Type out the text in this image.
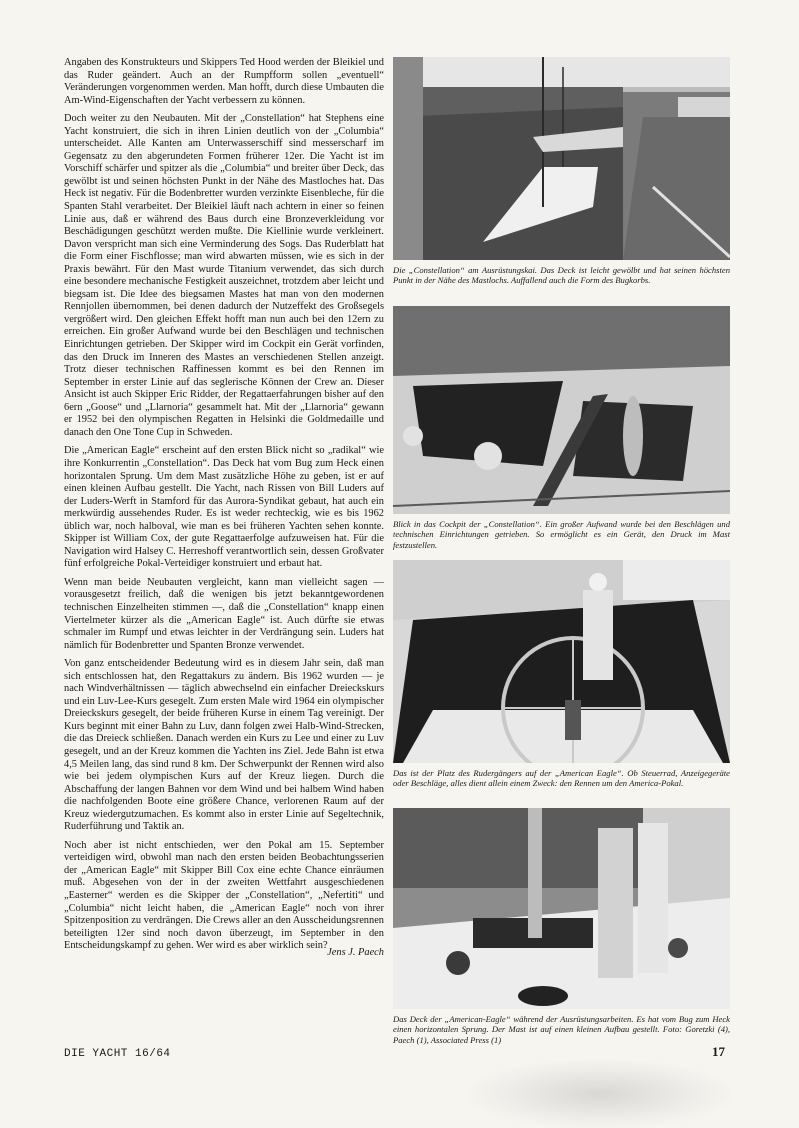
Angaben des Konstrukteurs und Skippers Ted Hood werden der Bleikiel und das Ruder geändert. Auch an der Rumpfform sollen „eventuell“ Veränderungen vorgenommen werden. Man hofft, durch diese Umbauten die Am-Wind-Eigenschaften der Yacht verbessern zu können.

Doch weiter zu den Neubauten. Mit der „Constellation“ hat Stephens eine Yacht konstruiert, die sich in ihren Linien deutlich von der „Columbia“ unterscheidet. Alle Kanten am Unterwasserschiff sind messerscharf im Gegensatz zu den abgerundeten Formen früherer 12er. Die Yacht ist im Vorschiff schärfer und spitzer als die „Columbia“ und breiter über Deck, das gewölbt ist und seinen höchsten Punkt in der Nähe des Mastloches hat. Das Heck ist negativ. Für die Bodenbretter wurden verzinkte Eisenbleche, für die Spanten Stahl verarbeitet. Der Bleikiel läuft nach achtern in einer so feinen Linie aus, daß er während des Baus durch eine Bronzeverkleidung vor Beschädigungen geschützt werden mußte. Die Kiellinie wurde verkleinert. Davon verspricht man sich eine Verminderung des Sogs. Das Ruderblatt hat die Form einer Fischflosse; man wird abwarten müssen, wie es sich in der Praxis bewährt. Für den Mast wurde Titanium verwendet, das sich durch eine besondere mechanische Festigkeit auszeichnet, trotzdem aber leicht und biegsam ist. Die Idee des biegsamen Mastes hat man von den modernen Rennjollen übernommen, bei denen dadurch der Nutzeffekt des Großsegels vergrößert wird. Den gleichen Effekt hofft man nun auch bei den 12ern zu erreichen. Ein großer Aufwand wurde bei den Beschlägen und technischen Einrichtungen getrieben. Der Skipper wird im Cockpit ein Gerät vorfinden, das den Druck im Inneren des Mastes an verschiedenen Stellen anzeigt. Trotz dieser technischen Raffinessen kommt es bei den Rennen im September in erster Linie auf das seglerische Können der Crew an. Dieser Ansicht ist auch Skipper Eric Ridder, der Regattaerfahrungen bisher auf den 6ern „Goose“ und „Llarnoria“ gesammelt hat. Mit der „Llarnoria“ gewann er 1952 bei den olympischen Regatten in Helsinki die Goldmedaille und danach den One Tone Cup in Schweden.

Die „American Eagle“ erscheint auf den ersten Blick nicht so „radikal“ wie ihre Konkurrentin „Constellation“. Das Deck hat vom Bug zum Heck einen horizontalen Sprung. Um dem Mast zusätzliche Höhe zu geben, ist er auf einen kleinen Aufbau gestellt. Die Yacht, nach Rissen von Bill Luders auf der Luders-Werft in Stamford für das Aurora-Syndikat gebaut, hat auch ein merkwürdig aussehendes Ruder. Es ist weder rechteckig, wie es bis 1962 üblich war, noch halboval, wie man es bei früheren Yachten sehen konnte. Skipper ist William Cox, der gute Regattaerfolge aufzuweisen hat. Für die Navigation wird Halsey C. Herreshoff verantwortlich sein, dessen Großvater fünf erfolgreiche Pokal-Verteidiger konstruiert und erbaut hat.

Wenn man beide Neubauten vergleicht, kann man vielleicht sagen — vorausgesetzt freilich, daß die wenigen bis jetzt bekanntgewordenen technischen Einzelheiten stimmen —, daß die „Constellation“ knapp einen Viertelmeter kürzer als die „American Eagle“ ist. Auch dürfte sie etwas schmaler im Rumpf und etwas leichter in der Verdrängung sein. Luders hat nämlich für Bodenbretter und Spanten Bronze verwendet.

Von ganz entscheidender Bedeutung wird es in diesem Jahr sein, daß man sich entschlossen hat, den Regattakurs zu ändern. Bis 1962 wurden — je nach Windverhältnissen — täglich abwechselnd ein einfacher Dreieckskurs und ein Luv-Lee-Kurs gesegelt. Zum ersten Male wird 1964 ein olympischer Dreieckskurs gesegelt, der beide früheren Kurse in einem Tag vereinigt. Der Kurs beginnt mit einer Bahn zu Luv, dann folgen zwei Halb-Wind-Strecken, die das Dreieck schließen. Danach werden ein Kurs zu Lee und einer zu Luv gesegelt, und an der Kreuz kommen die Yachten ins Ziel. Jede Bahn ist etwa 4,5 Meilen lang, das sind rund 8 km. Der Schwerpunkt der Rennen wird also wie bei jedem olympischen Kurs auf der Kreuz liegen. Durch die Abschaffung der langen Bahnen vor dem Wind und bei halbem Wind haben die nachfolgenden Boote eine größere Chance, verlorenen Raum auf der Kreuz wiedergutzumachen. Es kommt also in erster Linie auf Segeltechnik, Ruderführung und Taktik an.

Noch aber ist nicht entschieden, wer den Pokal am 15. September verteidigen wird, obwohl man nach den ersten beiden Beobachtungsserien der „American Eagle“ mit Skipper Bill Cox eine echte Chance einräumen muß. Abgesehen von der in der zweiten Wettfahrt ausgeschiedenen „Easterner“ werden es die Skipper der „Constellation“, „Nefertiti“ und „Columbia“ nicht leicht haben, die „American Eagle“ noch von ihrer Spitzenposition zu verdrängen. Die Crews aller an den Ausscheidungsrennen beteiligten 12er sind noch davon überzeugt, im September in den Entscheidungskampf zu gehen. Wer wird es aber wirklich sein?

Jens J. Paech

Die „Constellation“ am Ausrüstungskai. Das Deck ist leicht gewölbt und hat seinen höchsten Punkt in der Nähe des Mastlochs. Auffallend auch die Form des Bugkorbs.
Blick in das Cockpit der „Constellation“. Ein großer Aufwand wurde bei den Beschlägen und technischen Einrichtungen getrieben. So ermöglicht es ein Gerät, den Druck im Mast festzustellen.
Das ist der Platz des Rudergängers auf der „American Eagle“. Ob Steuerrad, Anzeigegeräte oder Beschläge, alles dient allein einem Zweck: den Rennen um den America-Pokal.
Das Deck der „American-Eagle“ während der Ausrüstungsarbeiten. Es hat vom Bug zum Heck einen horizontalen Sprung. Der Mast ist auf einen kleinen Aufbau gestellt. Foto: Goretzki (4), Paech (1), Associated Press (1)
DIE YACHT 16/64	17
